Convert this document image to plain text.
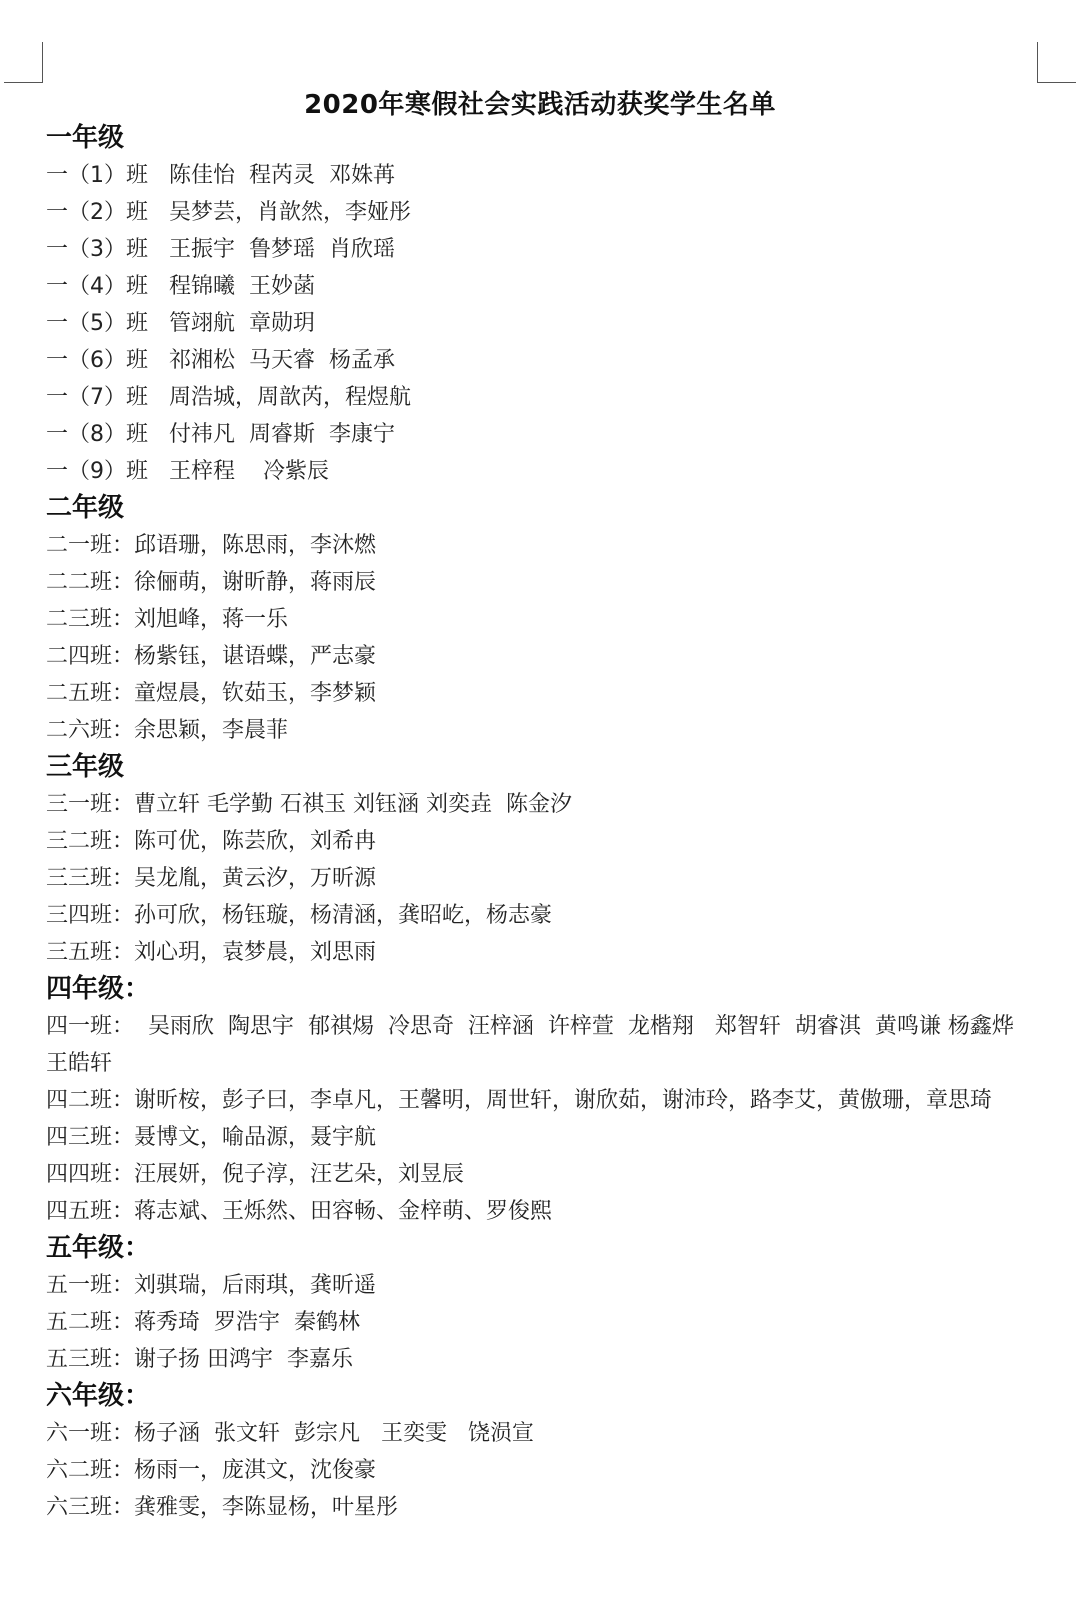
2020年寒假社会实践活动获奖学生名单
一年级
一（1）班   陈佳怡  程芮灵  邓姝苒
一（2）班   吴梦芸，肖歆然，李娅彤
一（3）班   王振宇  鲁梦瑶  肖欣瑶
一（4）班   程锦曦  王妙菡
一（5）班   管翊航  章勋玥
一（6）班   祁湘松  马天睿  杨孟承
一（7）班   周浩城，周歆芮，程煜航
一（8）班   付祎凡  周睿斯  李康宁
一（9）班   王梓程    冷紫辰
二年级
二一班：邱语珊，陈思雨，李沐燃
二二班：徐俪萌，谢昕静，蒋雨辰
二三班：刘旭峰，蒋一乐
二四班：杨紫钰，谌语蝶，严志豪
二五班：童煜晨，钦茹玉，李梦颖
二六班：余思颖，李晨菲
三年级
三一班：曹立轩 毛学勤 石祺玉 刘钰涵 刘奕垚  陈金汐
三二班：陈可优，陈芸欣，刘希冉
三三班：吴龙胤，黄云汐，万昕源
三四班：孙可欣，杨钰璇，杨清涵，龚昭屹，杨志豪
三五班：刘心玥，袁梦晨，刘思雨
四年级：
四一班：  吴雨欣  陶思宇  郁祺焬  冷思奇  汪梓涵  许梓萱  龙楷翔   郑智轩  胡睿淇  黄鸣谦 杨鑫烨  王皓轩
四二班：谢昕桉，彭子曰，李卓凡，王馨明，周世轩，谢欣茹，谢沛玲，路李艾，黄傲珊，章思琦
四三班：聂博文，喻品源，聂宇航
四四班：汪展妍，倪子淳，汪艺朵，刘昱辰
四五班：蒋志斌、王烁然、田容畅、金梓萌、罗俊熙
五年级：
五一班：刘骐瑞，后雨琪，龚昕遥
五二班：蒋秀琦  罗浩宇  秦鹤林
五三班：谢子扬 田鸿宇  李嘉乐
六年级：
六一班：杨子涵  张文轩  彭宗凡   王奕雯   饶涢宣
六二班：杨雨一，庞淇文，沈俊豪
六三班：龚雅雯，李陈显杨，叶星彤
